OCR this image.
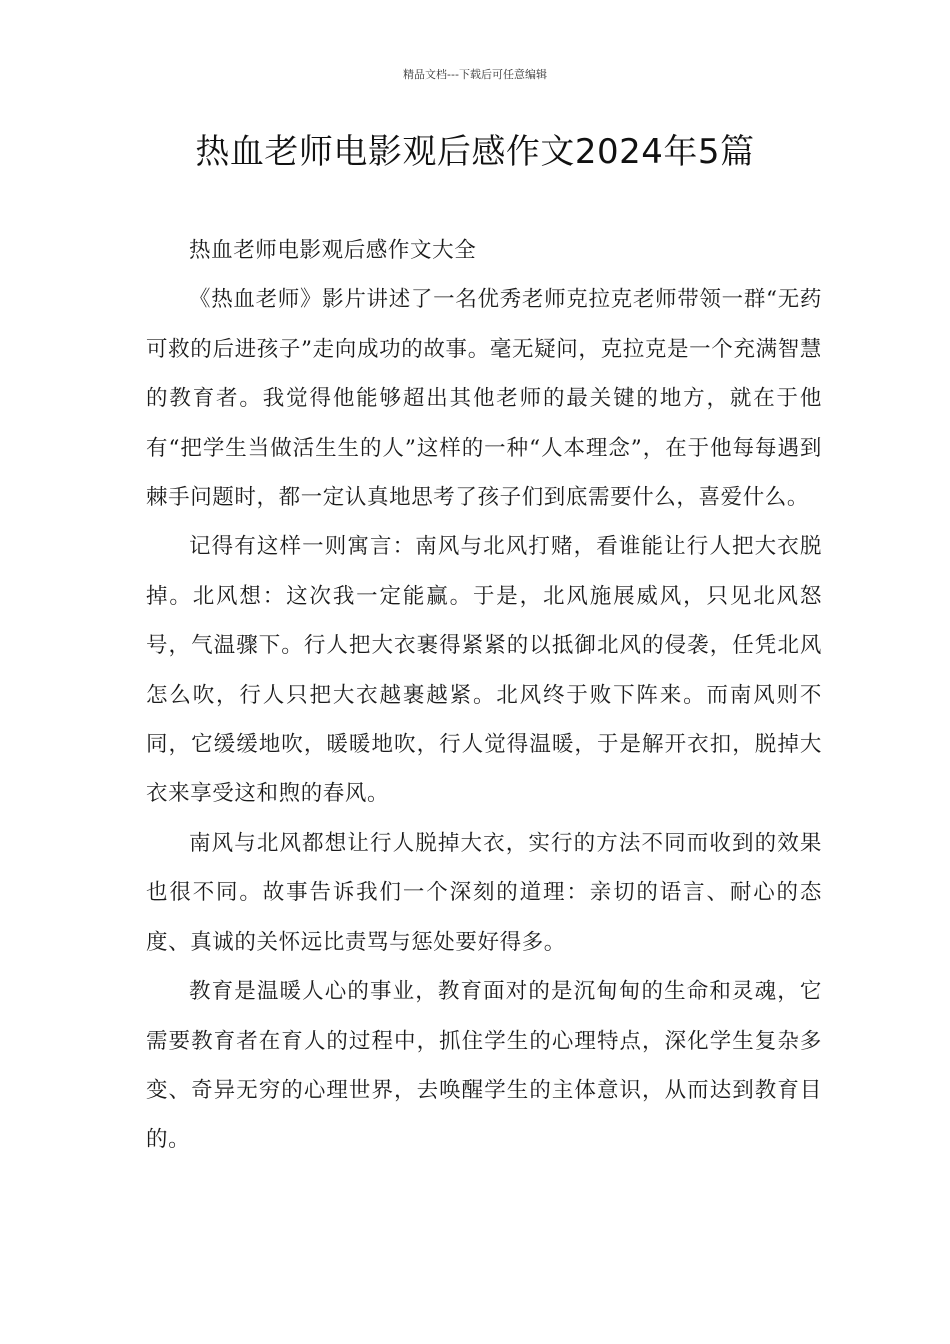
精品文档---下载后可任意编辑
热血老师电影观后感作文2024年5篇

热血老师电影观后感作文大全

《热血老师》影片讲述了一名优秀老师克拉克老师带领一群“无药可救的后进孩子”走向成功的故事。毫无疑问，克拉克是一个充满智慧的教育者。我觉得他能够超出其他老师的最关键的地方，就在于他有“把学生当做活生生的人”这样的一种“人本理念”，在于他每每遇到棘手问题时，都一定认真地思考了孩子们到底需要什么，喜爱什么。

记得有这样一则寓言：南风与北风打赌，看谁能让行人把大衣脱掉。北风想：这次我一定能赢。于是，北风施展威风，只见北风怒号，气温骤下。行人把大衣裹得紧紧的以抵御北风的侵袭，任凭北风怎么吹，行人只把大衣越裹越紧。北风终于败下阵来。而南风则不同，它缓缓地吹，暖暖地吹，行人觉得温暖，于是解开衣扣，脱掉大衣来享受这和煦的春风。

南风与北风都想让行人脱掉大衣，实行的方法不同而收到的效果也很不同。故事告诉我们一个深刻的道理：亲切的语言、耐心的态度、真诚的关怀远比责骂与惩处要好得多。

教育是温暖人心的事业，教育面对的是沉甸甸的生命和灵魂，它需要教育者在育人的过程中，抓住学生的心理特点，深化学生复杂多变、奇异无穷的心理世界，去唤醒学生的主体意识，从而达到教育目的。
